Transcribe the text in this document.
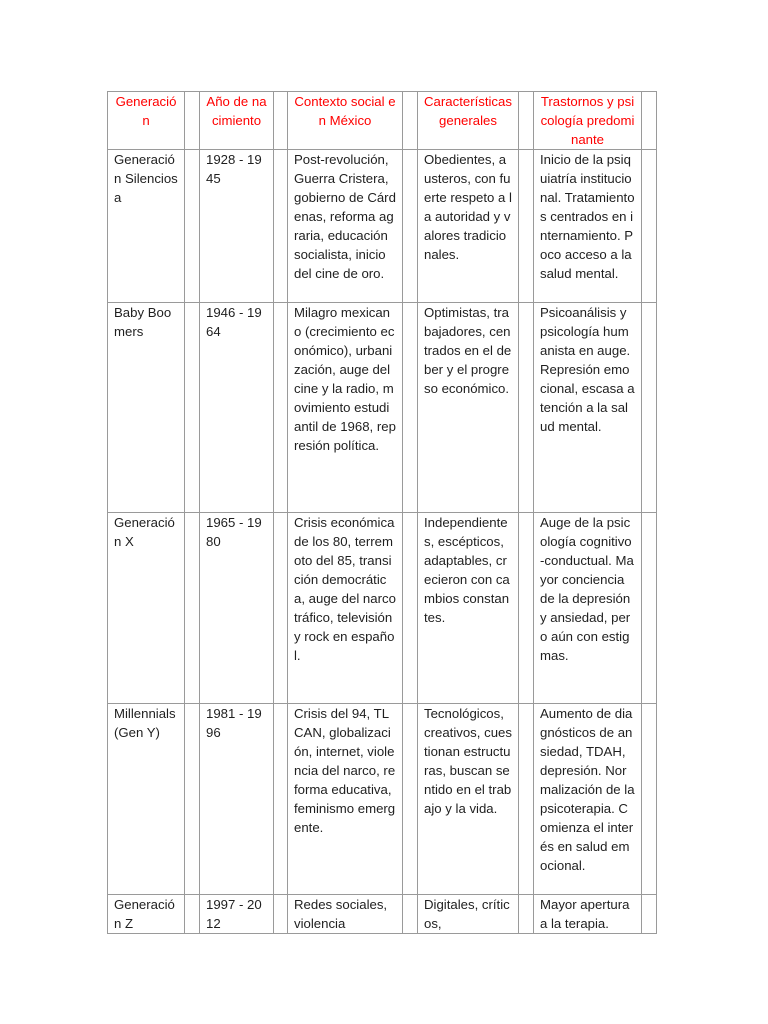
Generación		Año de nacimiento		Contexto social en México		Características generales		Trastornos y psicología predominante	
Generación Silenciosa		1928 - 1945		Post-revolución, Guerra Cristera, gobierno de Cárdenas, reforma agraria, educación socialista, inicio del cine de oro.		Obedientes, austeros, con fuerte respeto a la autoridad y valores tradicionales.		Inicio de la psiquiatría institucional. Tratamientos centrados en internamiento. Poco acceso a la salud mental.	
Baby Boomers		1946 - 1964		Milagro mexicano (crecimiento económico), urbanización, auge del cine y la radio, movimiento estudiantil de 1968, represión política.		Optimistas, trabajadores, centrados en el deber y el progreso económico.		Psicoanálisis y psicología humanista en auge. Represión emocional, escasa atención a la salud mental.	
Generación X		1965 - 1980		Crisis económica de los 80, terremoto del 85, transición democrática, auge del narcotráfico, televisión y rock en español.		Independientes, escépticos, adaptables, crecieron con cambios constantes.		Auge de la psicología cognitivo-conductual. Mayor conciencia de la depresión y ansiedad, pero aún con estigmas.	
Millennials (Gen Y)		1981 - 1996		Crisis del 94, TLCAN, globalización, internet, violencia del narco, reforma educativa, feminismo emergente.		Tecnológicos, creativos, cuestionan estructuras, buscan sentido en el trabajo y la vida.		Aumento de diagnósticos de ansiedad, TDAH, depresión. Normalización de la psicoterapia. Comienza el interés en salud emocional.	
Generación Z		1997 - 2012		Redes sociales, violencia		Digitales, críticos,		Mayor apertura a la terapia.	
